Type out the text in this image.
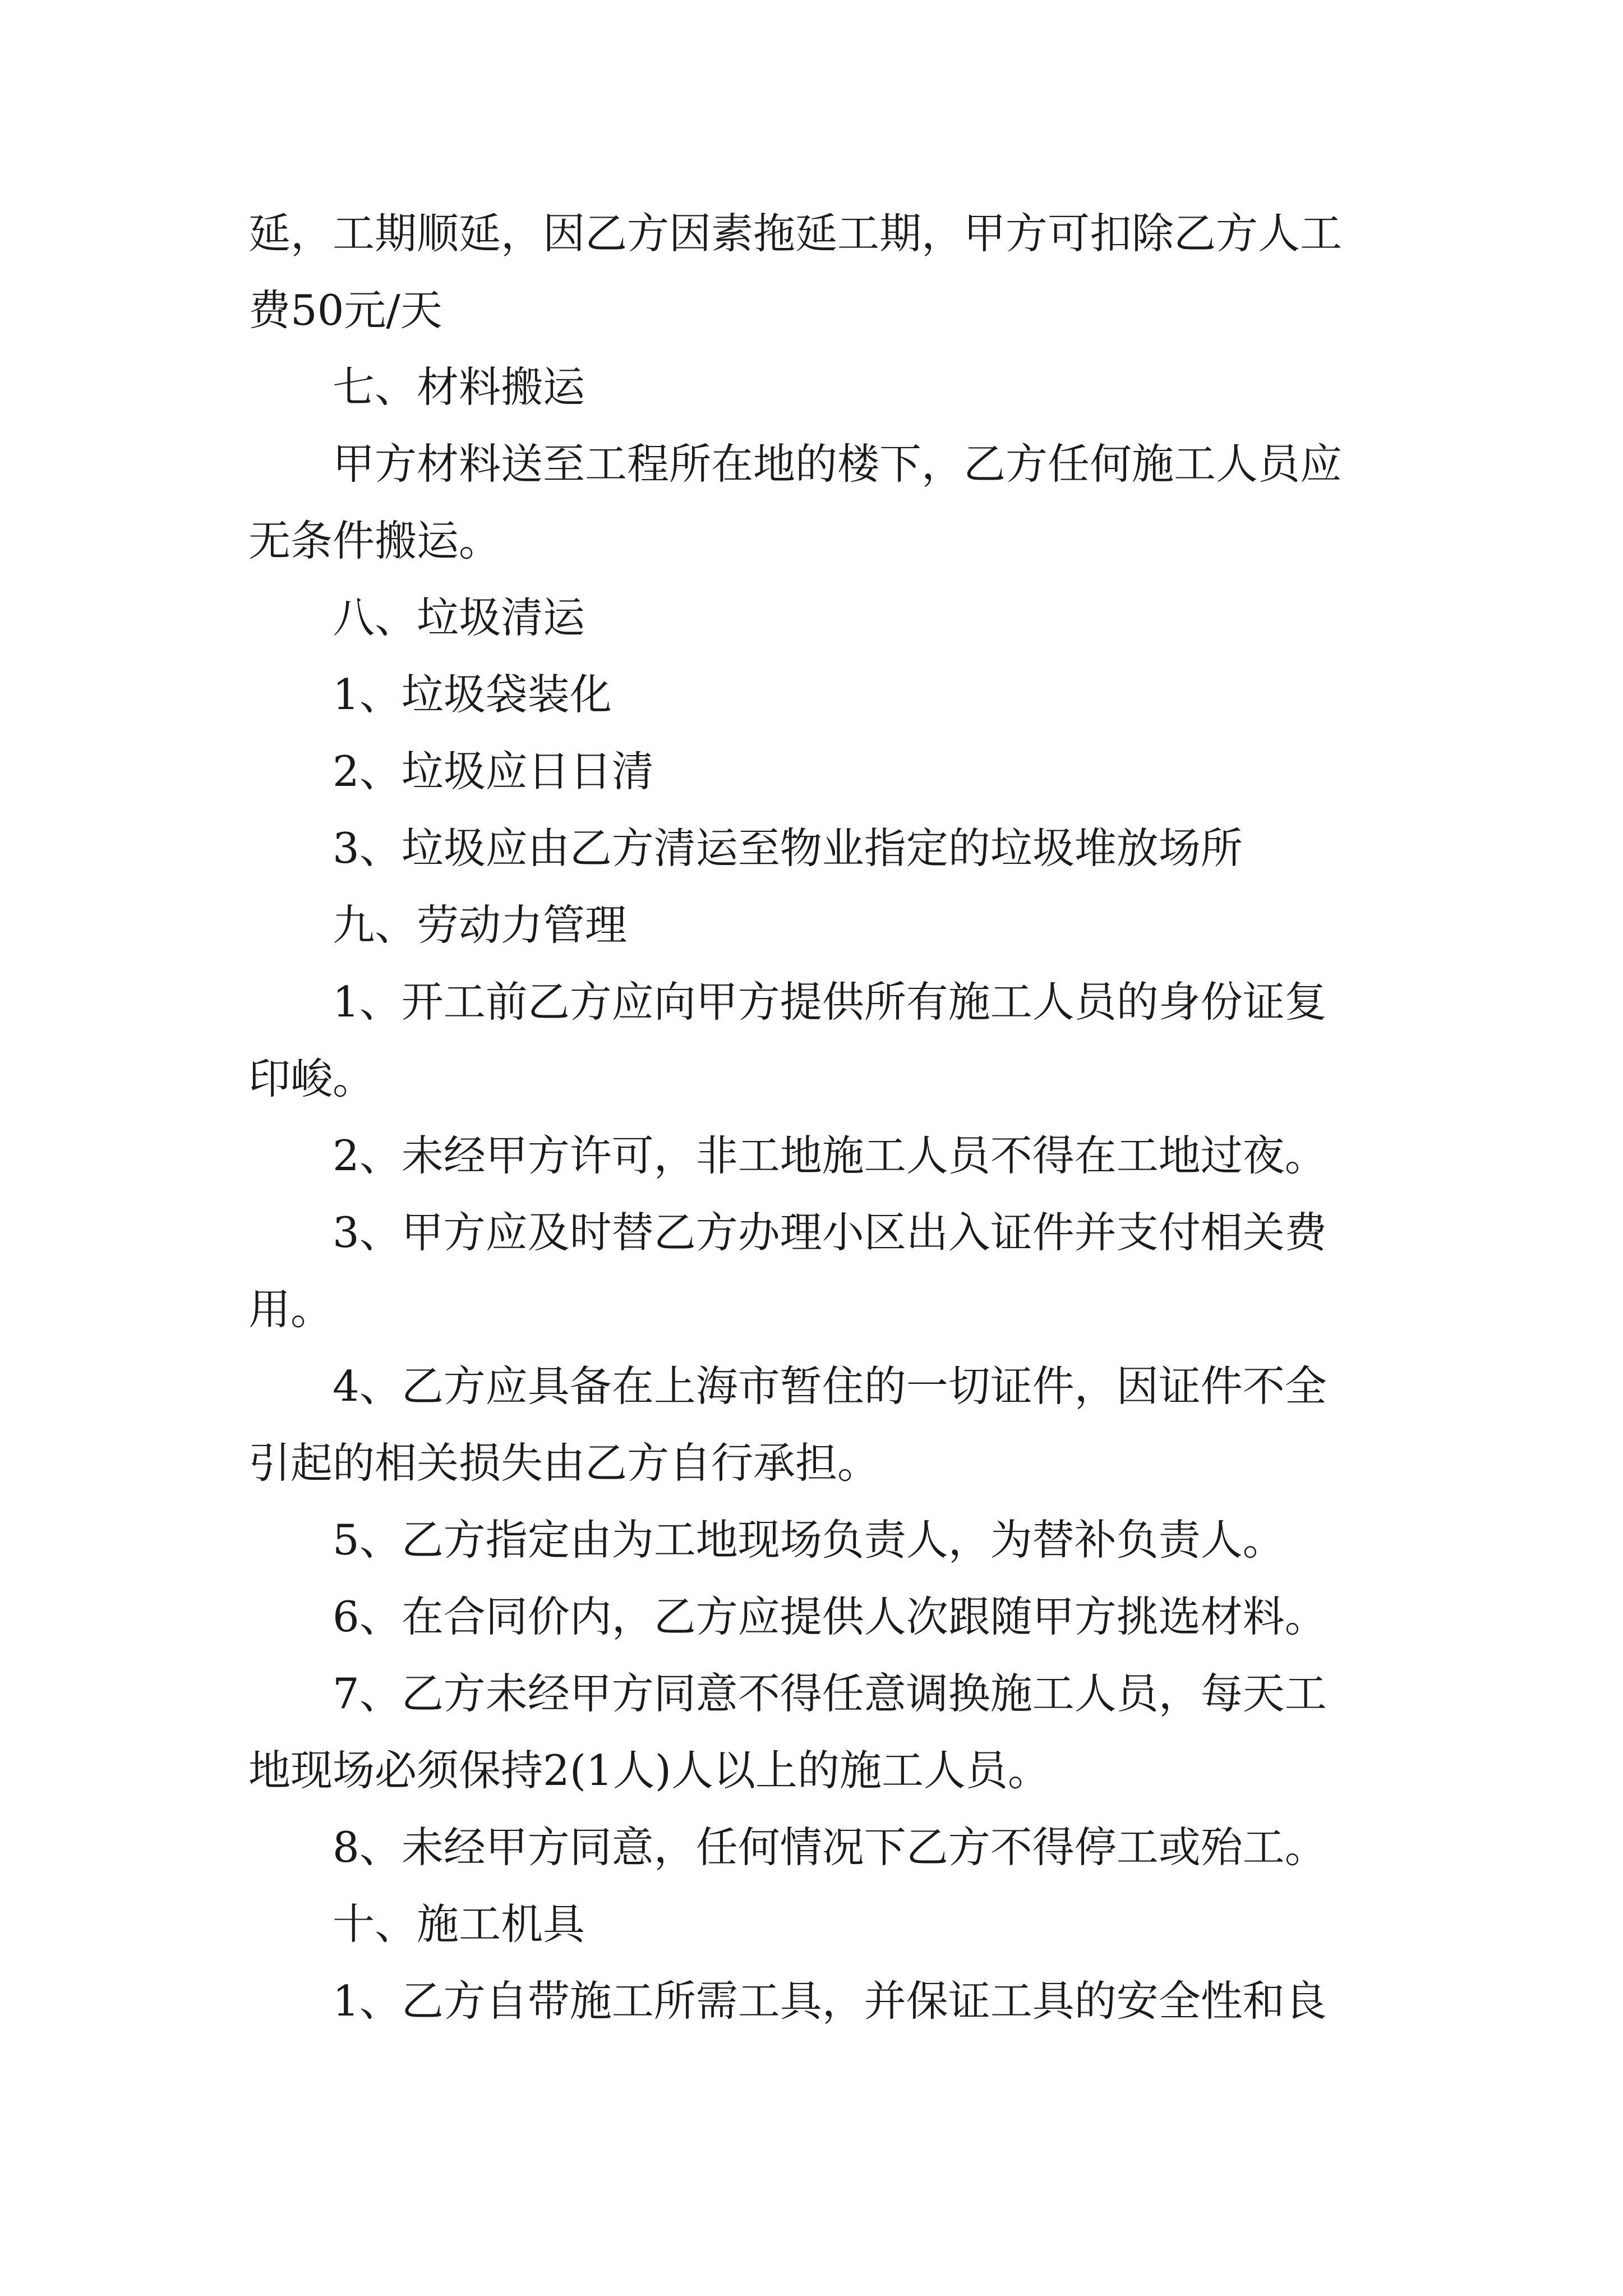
延，工期顺延，因乙方因素拖延工期，甲方可扣除乙方人工
费50元/天
七、材料搬运
甲方材料送至工程所在地的楼下，乙方任何施工人员应
无条件搬运。
八、垃圾清运
1、垃圾袋装化
2、垃圾应日日清
3、垃圾应由乙方清运至物业指定的垃圾堆放场所
九、劳动力管理
1、开工前乙方应向甲方提供所有施工人员的身份证复
印峻。
2、未经甲方许可，非工地施工人员不得在工地过夜。
3、甲方应及时替乙方办理小区出入证件并支付相关费
用。
4、乙方应具备在上海市暂住的一切证件，因证件不全
引起的相关损失由乙方自行承担。
5、乙方指定由为工地现场负责人，为替补负责人。
6、在合同价内，乙方应提供人次跟随甲方挑选材料。
7、乙方未经甲方同意不得任意调换施工人员，每天工
地现场必须保持2(1人)人以上的施工人员。
8、未经甲方同意，任何情况下乙方不得停工或殆工。
十、施工机具
1、乙方自带施工所需工具，并保证工具的安全性和良
